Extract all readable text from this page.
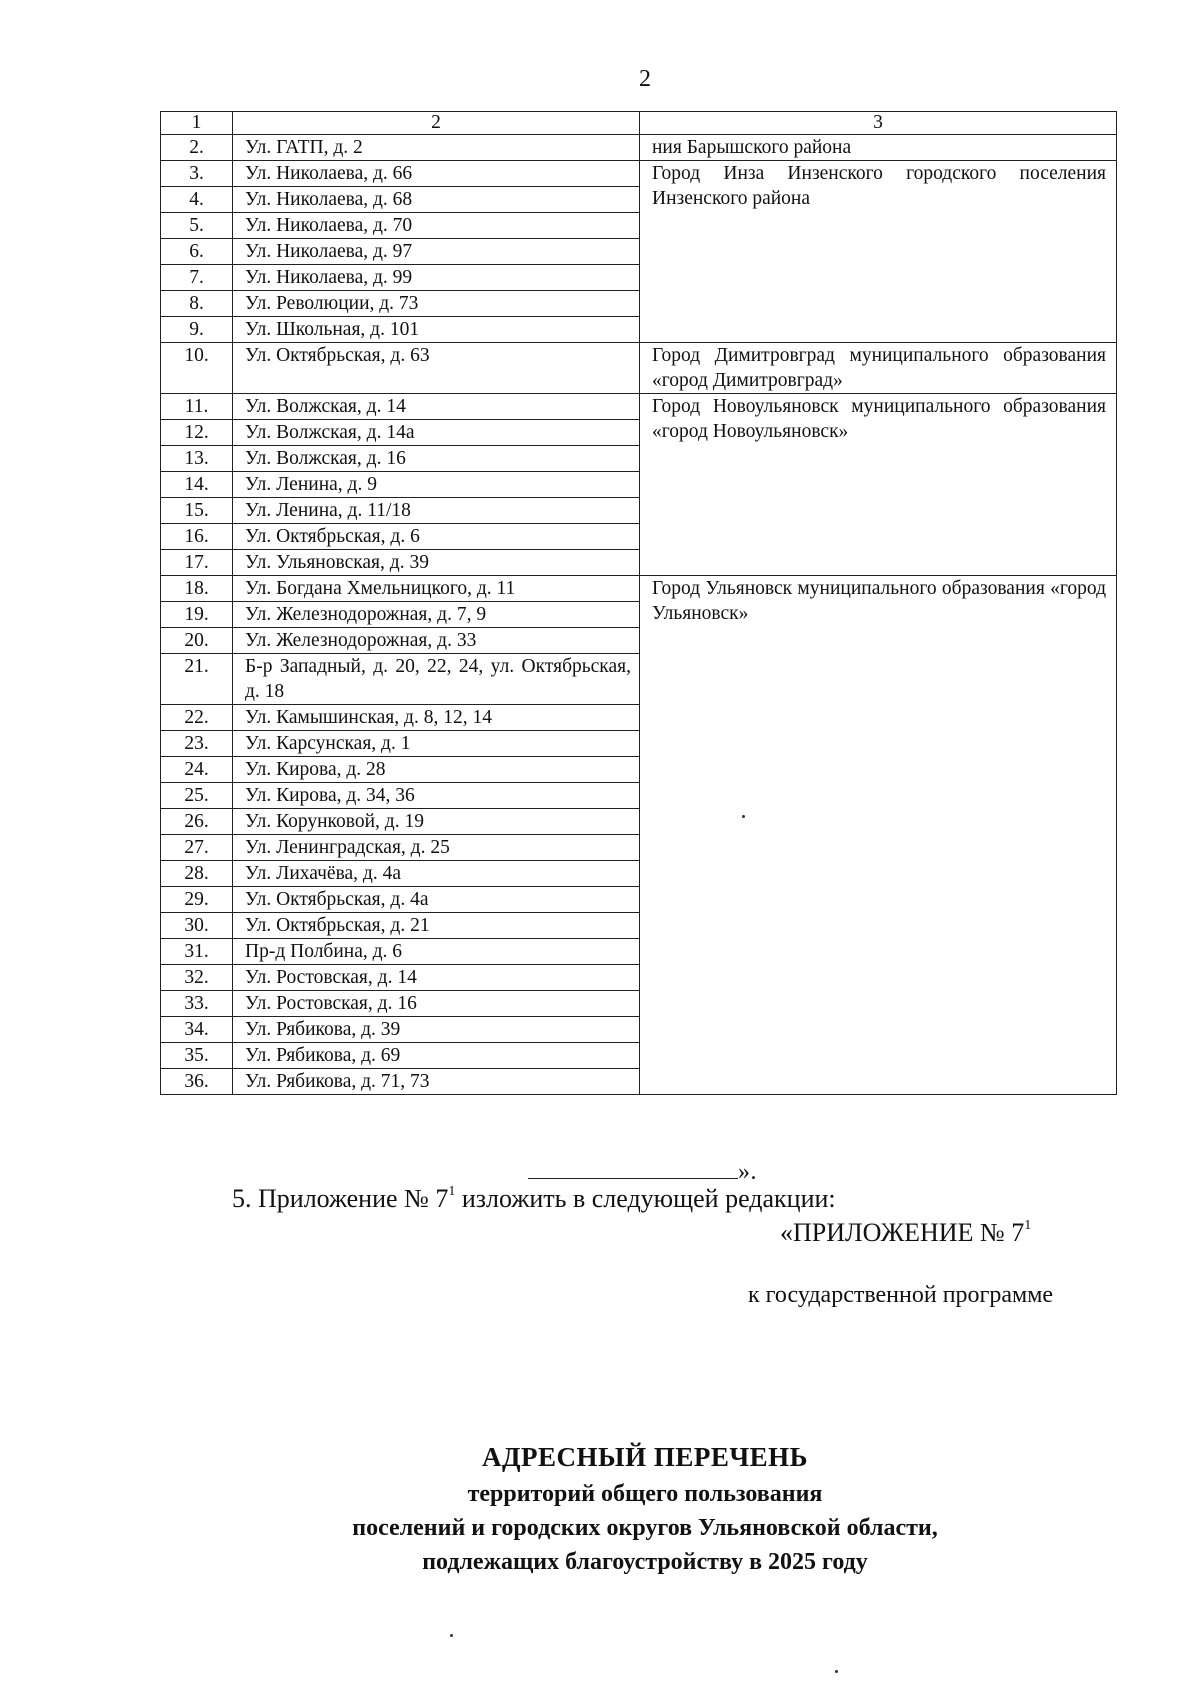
2
1	2	3
2.	Ул. ГАТП, д. 2	ния Барышского района
3.	Ул. Николаева, д. 66	Город Инза Инзенского городского поселения Инзенского района
4.	Ул. Николаева, д. 68	

5.	Ул. Николаева, д. 70	

6.	Ул. Николаева, д. 97	

7.	Ул. Николаева, д. 99	

8.	Ул. Революции, д. 73	

9.	Ул. Школьная, д. 101	

10.	Ул. Октябрьская, д. 63	Город Димитровград муниципального образования «город Димитровград»
11.	Ул. Волжская, д. 14	Город Новоульяновск муниципального образования «город Новоульяновск»
12.	Ул. Волжская, д. 14а	

13.	Ул. Волжская, д. 16	

14.	Ул. Ленина, д. 9	

15.	Ул. Ленина, д. 11/18	

16.	Ул. Октябрьская, д. 6	

17.	Ул. Ульяновская, д. 39	

18.	Ул. Богдана Хмельницкого, д. 11	Город Ульяновск муниципального образования «город Ульяновск»
19.	Ул. Железнодорожная, д. 7, 9	

20.	Ул. Железнодорожная, д. 33	

21.	Б-р Западный, д. 20, 22, 24, ул. Октябрьская, д. 18	

22.	Ул. Камышинская, д. 8, 12, 14	

23.	Ул. Карсунская, д. 1	

24.	Ул. Кирова, д. 28	

25.	Ул. Кирова, д. 34, 36	

26.	Ул. Корунковой, д. 19	

27.	Ул. Ленинградская, д. 25	

28.	Ул. Лихачёва, д. 4а	

29.	Ул. Октябрьская, д. 4а	

30.	Ул. Октябрьская, д. 21	

31.	Пр-д Полбина, д. 6	

32.	Ул. Ростовская, д. 14	

33.	Ул. Ростовская, д. 16	

34.	Ул. Рябикова, д. 39	

35.	Ул. Рябикова, д. 69	

36.	Ул. Рябикова, д. 71, 73	
».
5. Приложение № $7^1$ изложить в следующей редакции:
«ПРИЛОЖЕНИЕ № $7^1$
к государственной программе
АДРЕСНЫЙ ПЕРЕЧЕНЬ
территорий общего пользования
поселений и городских округов Ульяновской области,
подлежащих благоустройству в 2025 году
